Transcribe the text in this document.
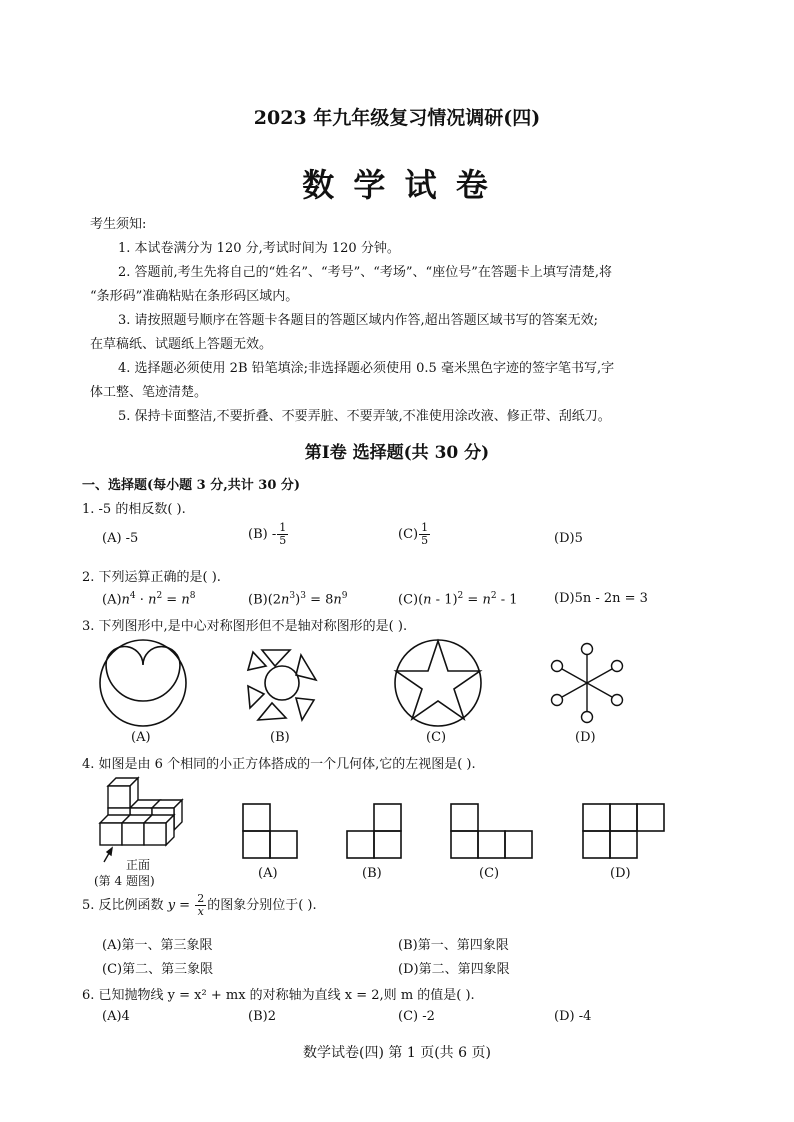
2023 年九年级复习情况调研(四)
数 学 试 卷
考生须知:
1. 本试卷满分为 120 分,考试时间为 120 分钟。
2. 答题前,考生先将自己的“姓名”、“考号”、“考场”、“座位号”在答题卡上填写清楚,将
“条形码”准确粘贴在条形码区域内。
3. 请按照题号顺序在答题卡各题目的答题区域内作答,超出答题区域书写的答案无效;
在草稿纸、试题纸上答题无效。
4. 选择题必须使用 2B 铅笔填涂;非选择题必须使用 0.5 毫米黑色字迹的签字笔书写,字
体工整、笔迹清楚。
5. 保持卡面整洁,不要折叠、不要弄脏、不要弄皱,不准使用涂改液、修正带、刮纸刀。
第Ⅰ卷 选择题(共 30 分)
一、选择题(每小题 3 分,共计 30 分)
1. -5 的相反数( ).
(A) -5	$(B) - \frac{1}{5}$	$(C) \frac{1}{5}$	(D)5
2. 下列运算正确的是( ).
$(A)n^4 \cdot n^2 = n^8$	$(B)(2n^3)^3 = 8n^9$	$(C)(n - 1)^2 = n^2 - 1$	(D)5n - 2n = 3
3. 下列图形中,是中心对称图形但不是轴对称图形的是( ).
(A)	(B)	(C)	(D)
4. 如图是由 6 个相同的小正方体搭成的一个几何体,它的左视图是( ).
正面
(第 4 题图)	(A)	(B)	(C)	(D)
5. 反比例函数 $y = \frac{2}{x}$ 的图象分别位于( ).
(A)第一、第三象限	(B)第一、第四象限
(C)第二、第三象限	(D)第二、第四象限
6. 已知抛物线 y = x² + mx 的对称轴为直线 x = 2,则 m 的值是( ).
(A)4	(B)2	(C) -2	(D) -4
数学试卷(四) 第 1 页(共 6 页)
